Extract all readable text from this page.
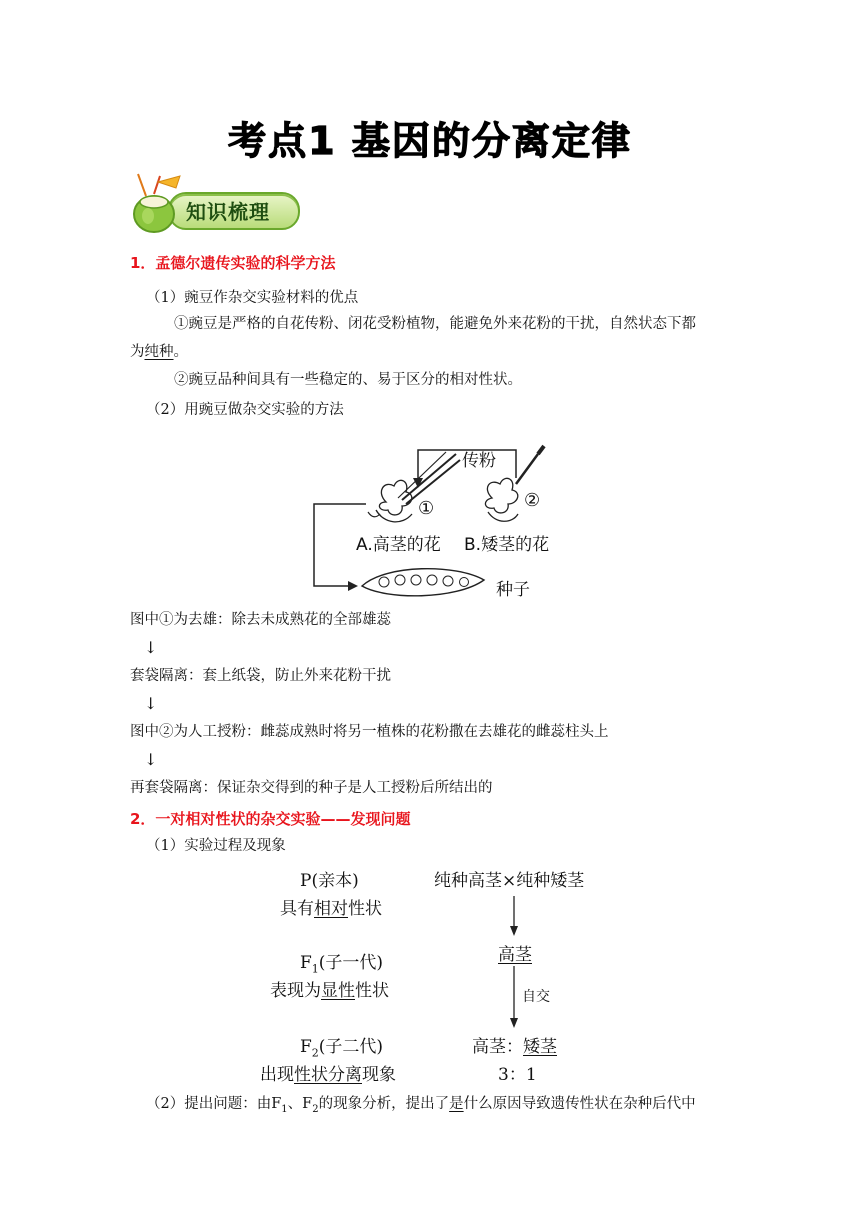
考点1 基因的分离定律
知识梳理
1．孟德尔遗传实验的科学方法
（1）豌豆作杂交实验材料的优点
①豌豆是严格的自花传粉、闭花受粉植物，能避免外来花粉的干扰，自然状态下都
为纯种。
②豌豆品种间具有一些稳定的、易于区分的相对性状。
（2）用豌豆做杂交实验的方法
传粉
①	②
A.高茎的花 B.矮茎的花
种子
图中①为去雄：除去未成熟花的全部雄蕊
↓
套袋隔离：套上纸袋，防止外来花粉干扰
↓
图中②为人工授粉：雌蕊成熟时将另一植株的花粉撒在去雄花的雌蕊柱头上
↓
再套袋隔离：保证杂交得到的种子是人工授粉后所结出的
2．一对相对性状的杂交实验——发现问题
（1）实验过程及现象
P(亲本)
具有相对性状
纯种高茎×纯种矮茎
$F_1$(子一代)
表现为显性性状
高茎
自交
$F_2$(子二代)
出现性状分离现象
高茎：矮茎
3：1
（2）提出问题：由$F_1$、$F_2$的现象分析，提出了是什么原因导致遗传性状在杂种后代中
